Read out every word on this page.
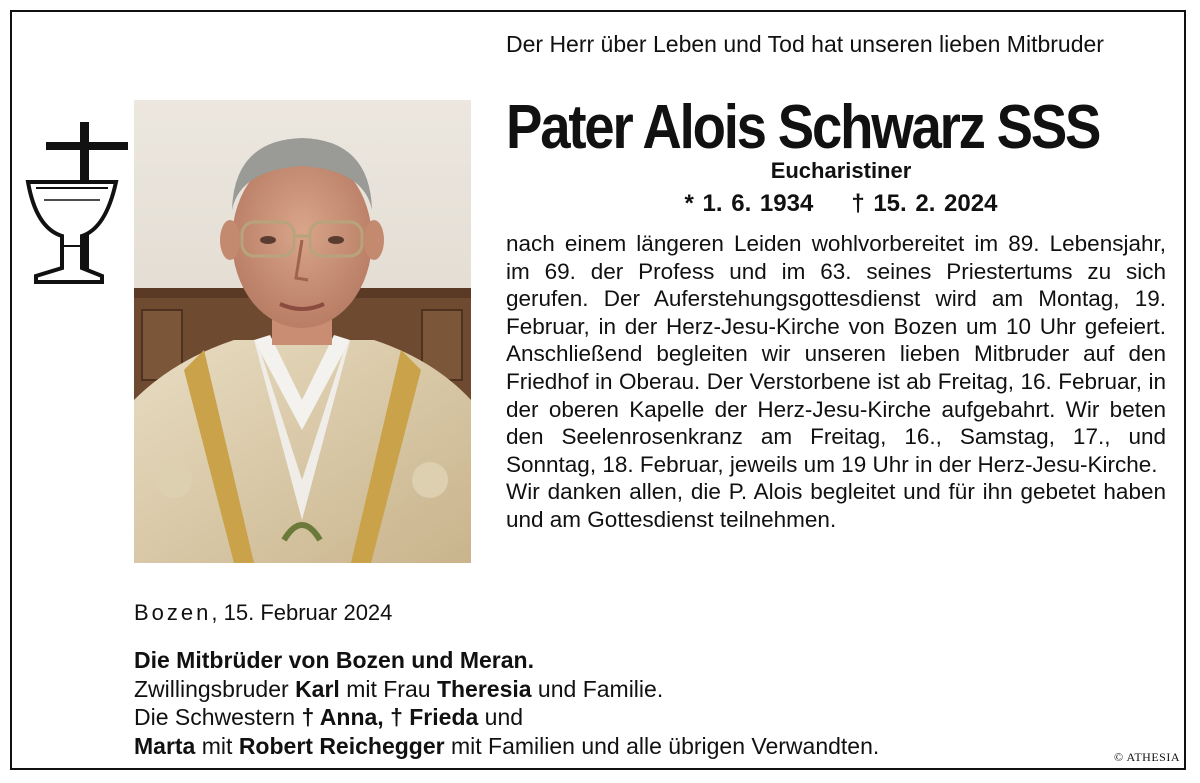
Der Herr über Leben und Tod hat unseren lieben Mitbruder

Pater Alois Schwarz SSS

Eucharistiner

* 1. 6. 1934 † 15. 2. 2024

nach einem längeren Leiden wohlvorbereitet im 89. Lebensjahr, im 69. der Profess und im 63. seines Priestertums zu sich gerufen. Der Auferstehungsgottesdienst wird am Montag, 19. Februar, in der Herz-Jesu-Kirche von Bozen um 10 Uhr gefeiert. Anschließend begleiten wir unseren lieben Mitbruder auf den Friedhof in Oberau. Der Verstorbene ist ab Freitag, 16. Februar, in der oberen Kapelle der Herz-Jesu-Kirche aufgebahrt. Wir beten den Seelenrosenkranz am Freitag, 16., Samstag, 17., und Sonntag, 18. Februar, jeweils um 19 Uhr in der Herz-Jesu-Kirche.

Wir danken allen, die P. Alois begleitet und für ihn gebetet haben und am Gottesdienst teilnehmen.

Bozen, 15. Februar 2024

Die Mitbrüder von Bozen und Meran.
Zwillingsbruder Karl mit Frau Theresia und Familie.
Die Schwestern † Anna, † Frieda und
Marta mit Robert Reichegger mit Familien und alle übrigen Verwandten.	© ATHESIA
